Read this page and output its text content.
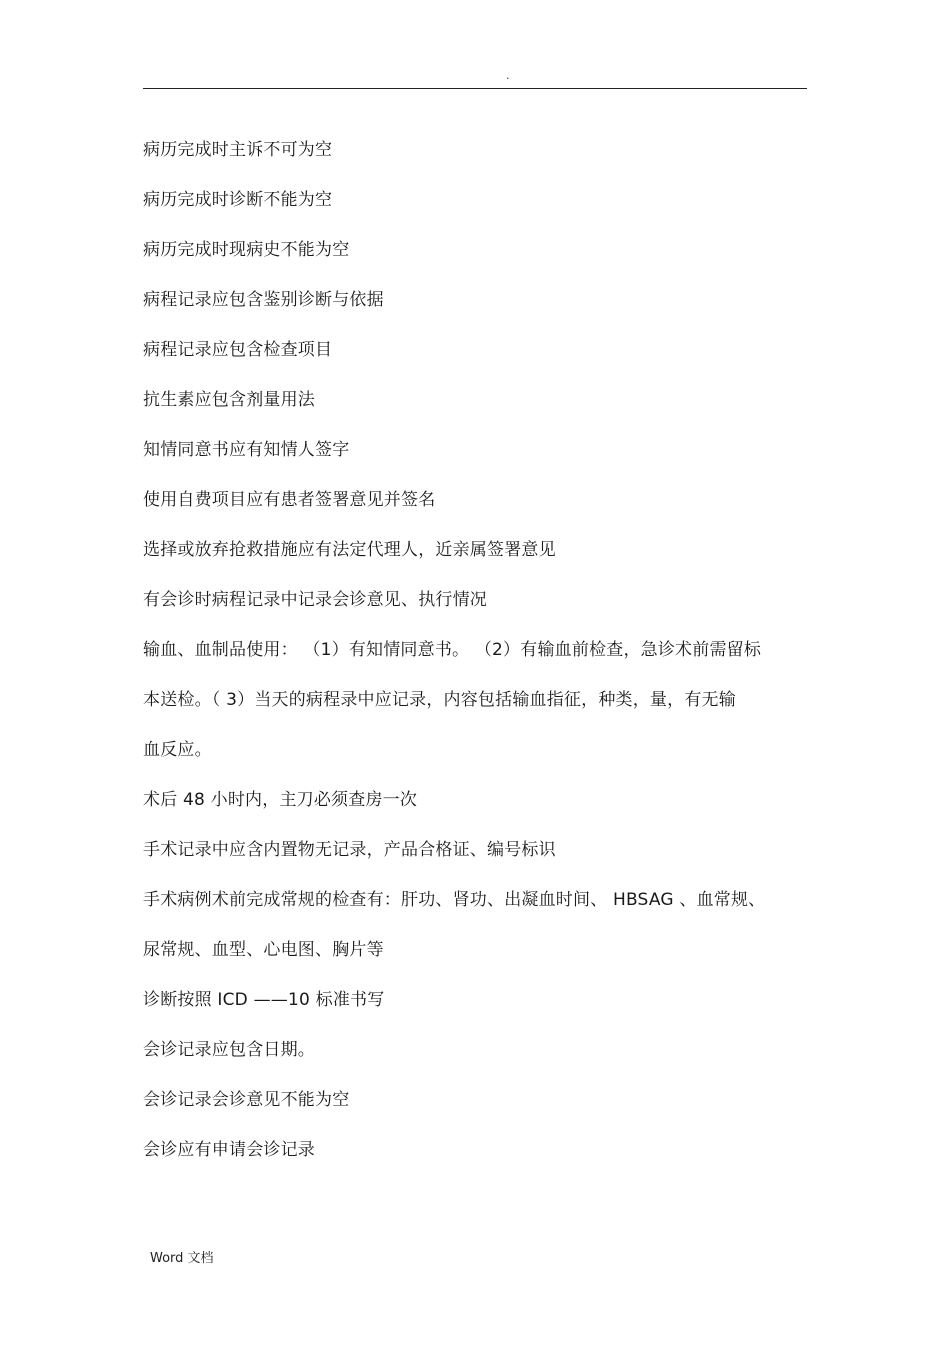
.
病历完成时主诉不可为空
病历完成时诊断不能为空
病历完成时现病史不能为空
病程记录应包含鉴别诊断与依据
病程记录应包含检查项目
抗生素应包含剂量用法
知情同意书应有知情人签字
使用自费项目应有患者签署意见并签名
选择或放弃抢救措施应有法定代理人，近亲属签署意见
有会诊时病程记录中记录会诊意见、执行情况
输血、血制品使用： （1）有知情同意书。 （2）有输血前检查，急诊术前需留标
本送检。（ 3）当天的病程录中应记录，内容包括输血指征，种类，量，有无输
血反应。
术后 48 小时内，主刀必须查房一次
手术记录中应含内置物无记录，产品合格证、编号标识
手术病例术前完成常规的检查有：肝功、肾功、出凝血时间、 HBSAG 、血常规、
尿常规、血型、心电图、胸片等
诊断按照 ICD ——10 标准书写
会诊记录应包含日期。
会诊记录会诊意见不能为空
会诊应有申请会诊记录
Word 文档
